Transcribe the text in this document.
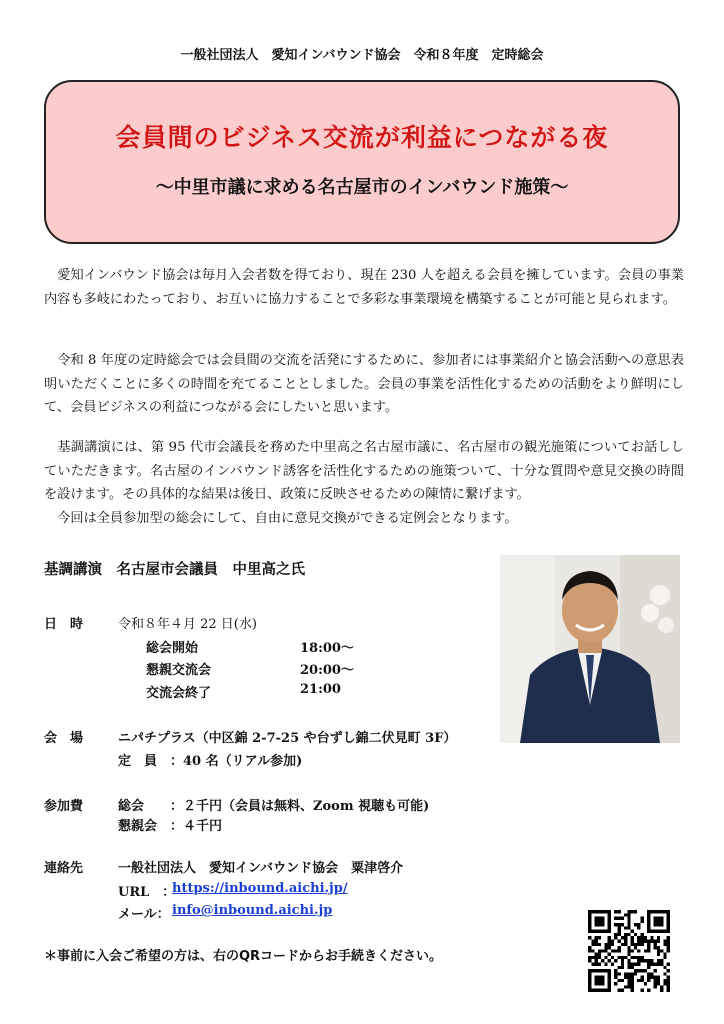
一般社団法人　愛知インバウンド協会　令和８年度　定時総会
会員間のビジネス交流が利益につながる夜
～中里市議に求める名古屋市のインバウンド施策～
　愛知インバウンド協会は毎月入会者数を得ており、現在 230 人を超える会員を擁しています。会員の事業内容も多岐にわたっており、お互いに協力することで多彩な事業環境を構築することが可能と見られます。
　令和 8 年度の定時総会では会員間の交流を活発にするために、参加者には事業紹介と協会活動への意思表明いただくことに多くの時間を充てることとしました。会員の事業を活性化するための活動をより鮮明にして、会員ビジネスの利益につながる会にしたいと思います。
　基調講演には、第 95 代市会議長を務めた中里高之名古屋市議に、名古屋市の観光施策についてお話ししていただきます。名古屋のインバウンド誘客を活性化するための施策ついて、十分な質問や意見交換の時間を設けます。その具体的な結果は後日、政策に反映させるための陳情に繋げます。
　今回は全員参加型の総会にして、自由に意見交換ができる定例会となります。
基調講演　名古屋市会議員　中里高之氏
日　時	令和８年４月 22 日(水)
総会開始	18:00～
懇親交流会	20:00～
交流会終了	21:00
会　場	ニパチプラス（中区錦 2-7-25 や台ずし錦二伏見町 3F）
定　員 ：40 名（リアル参加)
参加費	総会 ：２千円（会員は無料、Zoom 視聴も可能)
懇親会 ：４千円
連絡先	一般社団法人　愛知インバウンド協会　粟津啓介
URL　：
https://inbound.aichi.jp/
メール： info@inbound.aichi.jp
＊事前に入会ご希望の方は、右のQRコードからお手続きください。
